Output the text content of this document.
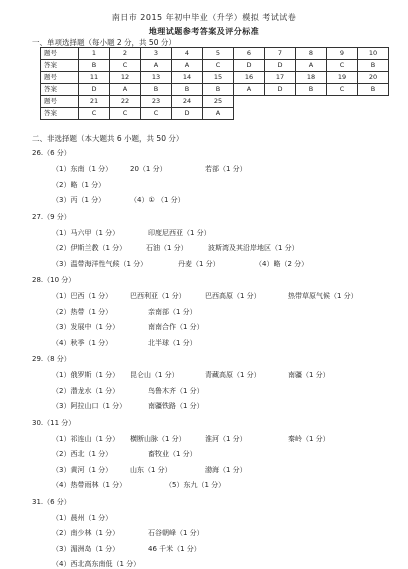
南日市 2015 年初中毕业（升学）模拟 考试试卷
地理试题参考答案及评分标准
一、单项选择题（每小题 2 分，共 50 分）
题号	1	2	3	4	5	6	7	8	9	10
答案	B	C	A	A	C	D	D	A	C	B
题号	11	12	13	14	15	16	17	18	19	20
答案	D	A	B	B	B	A	D	B	C	B
题号	21	22	23	24	25					
答案	C	C	C	D	A					
二、非选择题（本大题共 6 小题，共 50 分）
26.（6 分）
（1）东南（1 分）	20（1 分）	若部（1 分）
（2）略（1 分）
（3）丙（1 分）	（4）① （1 分）
27.（9 分）
（1）马六甲（1 分）	印度尼西亚（1 分）
（2）伊斯兰教（1 分）	石油（1 分）	波斯湾及其沿岸地区（1 分）
（3）温带海洋性气候（1 分）	丹麦（1 分）	（4）略（2 分）
28.（10 分）
（1）巴西（1 分）	巴西利亚（1 分）	巴西高原（1 分）	热带草原气候（1 分）
（2）热带（1 分）	亲南部（1 分）
（3）发展中（1 分）	南南合作（1 分）
（4）秋季（1 分）	北半球（1 分）
29.（8 分）
（1）俄罗斯（1 分） 昆仑山（1 分）	青藏高原（1 分）	南疆（1 分）
（2）潜龙水（1 分）	鸟鲁木齐（1 分）
（3）阿拉山口（1 分）	南疆铁路（1 分）
30.（11 分）
（1）祁连山（1 分） 横断山脉（1 分）	淮河（1 分）	秦岭（1 分）
（2）西北（1 分）	畜牧业（1 分）
（3）黄河（1 分）	山东（1 分）	渤海（1 分）
（4）热带雨林（1 分）	（5）东九（1 分）
31.（6 分）
（1）晨州（1 分）
（2）南少林（1 分）	石谷朝峰（1 分）
（3）湄洲岛（1 分）	46 千米（1 分）
（4）西北高东南低（1 分）
